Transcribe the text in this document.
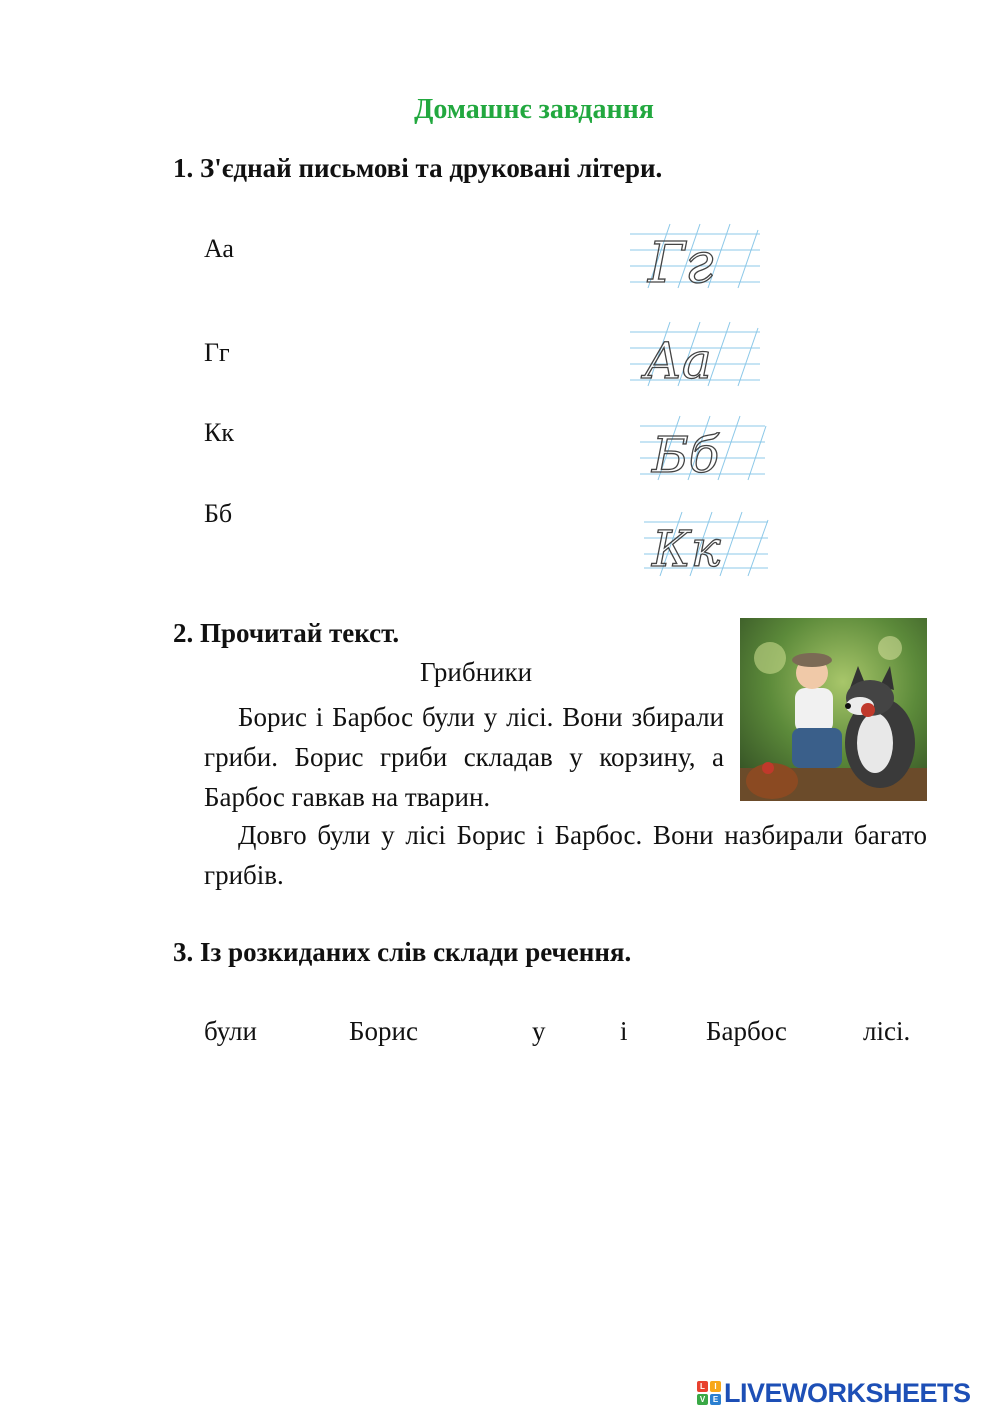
Домашнє завдання
1. З'єднай письмові та друковані літери.
Аа
Гг
Кк
Бб
Гг
Аа
Бб
Кк
2. Прочитай текст.
Грибники
Борис і Барбос були у лісі. Вони збирали гриби. Борис гриби складав у корзину, а Барбос гавкав на тварин.
Довго були у лісі Борис і Барбос. Вони назбирали багато грибів.
3. Із розкиданих слів склади речення.
були	Борис	у	і	Барбос	лісі.
L	I
V E LIVEWORKSHEETS
